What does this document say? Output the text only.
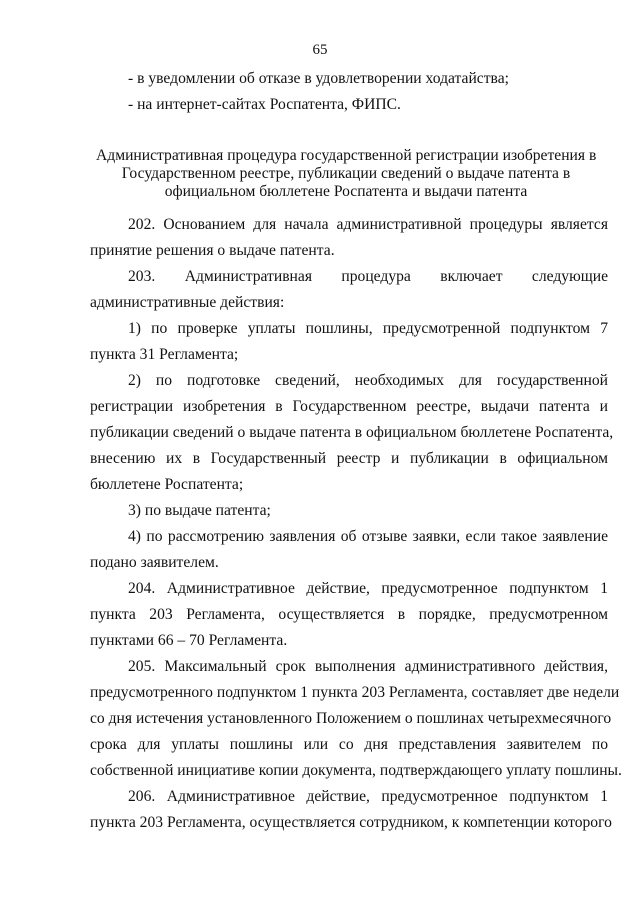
65
- в уведомлении об отказе в удовлетворении ходатайства;
- на интернет-сайтах Роспатента, ФИПС.
Административная процедура государственной регистрации изобретения в
Государственном реестре, публикации сведений о выдаче патента в
официальном бюллетене Роспатента и выдачи патента
202. Основанием для начала административной процедуры является
принятие решения о выдаче патента.
203. Административная процедура включает следующие
административные действия:
1) по проверке уплаты пошлины, предусмотренной подпунктом 7
пункта 31 Регламента;
2) по подготовке сведений, необходимых для государственной
регистрации изобретения в Государственном реестре, выдачи патента и
публикации сведений о выдаче патента в официальном бюллетене Роспатента,
внесению их в Государственный реестр и публикации в официальном
бюллетене Роспатента;
3) по выдаче патента;
4) по рассмотрению заявления об отзыве заявки, если такое заявление
подано заявителем.
204. Административное действие, предусмотренное подпунктом 1
пункта 203 Регламента, осуществляется в порядке, предусмотренном
пунктами 66 – 70 Регламента.
205. Максимальный срок выполнения административного действия,
предусмотренного подпунктом 1 пункта 203 Регламента, составляет две недели
со дня истечения установленного Положением о пошлинах четырехмесячного
срока для уплаты пошлины или со дня представления заявителем по
собственной инициативе копии документа, подтверждающего уплату пошлины.
206. Административное действие, предусмотренное подпунктом 1
пункта 203 Регламента, осуществляется сотрудником, к компетенции которого
